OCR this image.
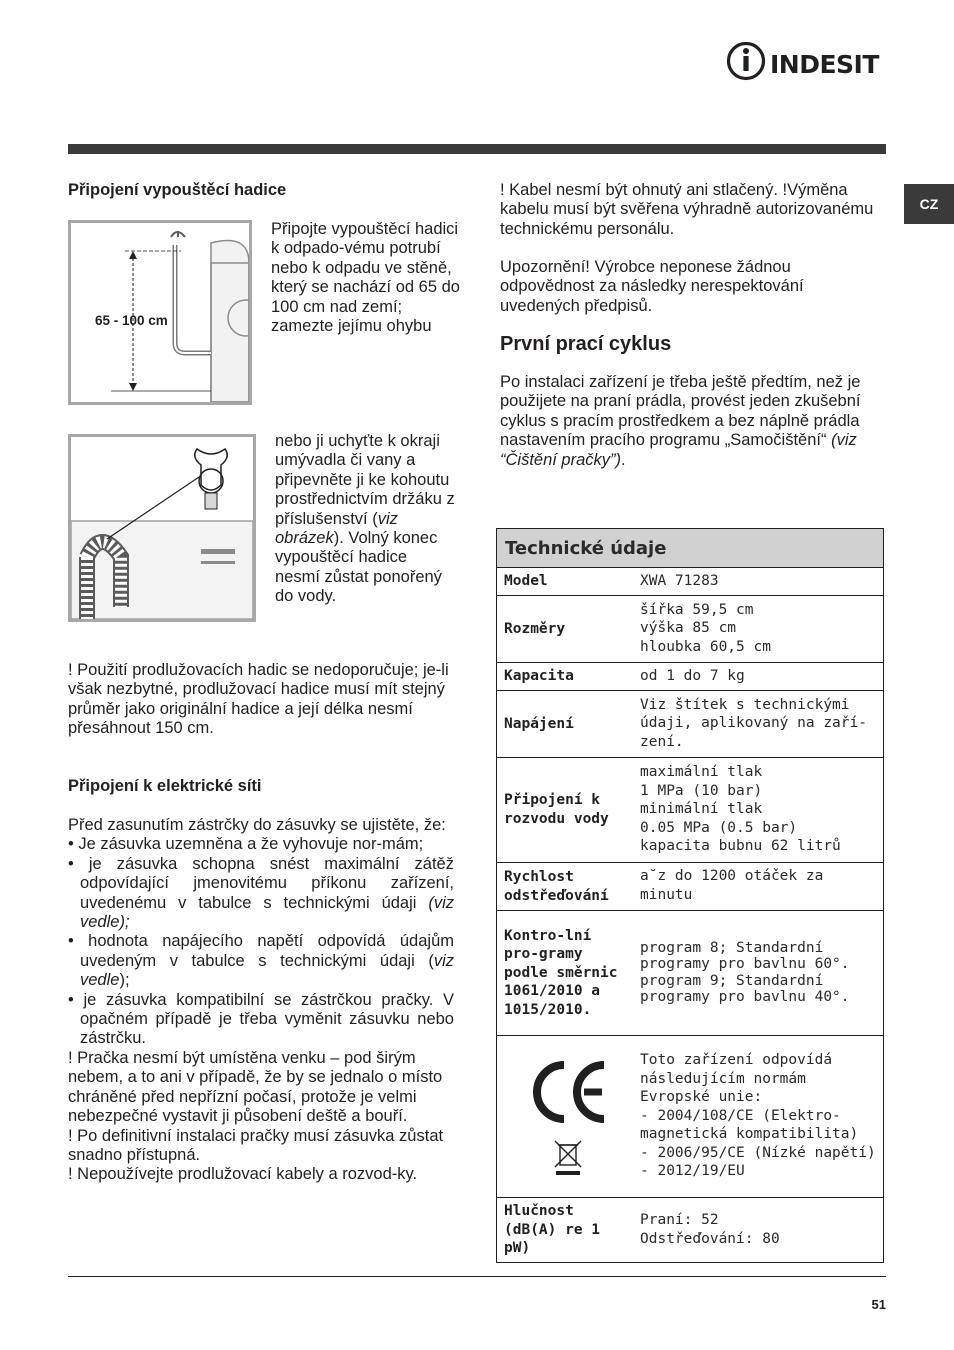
INDESIT
CZ
Připojení vypouštěcí hadice
65 - 100 cm
Připojte vypouštěcí hadici k odpado-vému potrubí nebo k odpadu ve stěně, který se nachází od 65 do 100 cm nad zemí; zamezte jejímu ohybu
nebo ji uchyťte k okraji umývadla či vany a připevněte ji ke kohoutu prostřednictvím držáku z příslušenství (viz obrázek). Volný konec vypouštěcí hadice nesmí zůstat ponořený do vody.
! Použití prodlužovacích hadic se nedoporučuje; je-li však nezbytné, prodlužovací hadice musí mít stejný průměr jako originální hadice a její délka nesmí přesáhnout 150 cm.
Připojení k elektrické síti
Před zasunutím zástrčky do zásuvky se ujistěte, že:
• Je zásuvka uzemněna a že vyhovuje nor-mám;
• je zásuvka schopna snést maximální zátěž odpovídající jmenovitému příkonu zařízení, uvedenému v tabulce s technickými údaji (viz vedle);
• hodnota napájecího napětí odpovídá údajům uvedeným v tabulce s technickými údaji (viz vedle);
• je zásuvka kompatibilní se zástrčkou pračky. V opačném případě je třeba vyměnit zásuvku nebo zástrčku.
! Pračka nesmí být umístěna venku – pod širým nebem, a to ani v případě, že by se jednalo o místo chráněné před nepřízní počasí, protože je velmi nebezpečné vystavit ji působení deště a bouří.
! Po definitivní instalaci pračky musí zásuvka zůstat snadno přístupná.
! Nepoužívejte prodlužovací kabely a rozvod-ky.
! Kabel nesmí být ohnutý ani stlačený. !Výměna kabelu musí být svěřena výhradně autorizovanému technickému personálu.
Upozornění! Výrobce neponese žádnou odpovědnost za následky nerespektování uvedených předpisů.
První prací cyklus
Po instalaci zařízení je třeba ještě předtím, než je použijete na praní prádla, provést jeden zkušební cyklus s pracím prostředkem a bez náplně prádla nastavením pracího programu „Samočištění“ (viz “Čištění pračky”).
Technické údaje
Model	XWA 71283
Rozměry
šířka 59,5 cm
výška 85 cm
hloubka 60,5 cm
Kapacita	od 1 do 7 kg
Napájení
Viz štítek s technickými údaji, aplikovaný na zaří-zení.
Připojení k rozvodu vody
maximální tlak
1 MPa (10 bar)
minimální tlak
0.05 MPa (0.5 bar)
kapacita bubnu 62 litrů
Rychlost odstřeďování
a˘z do 1200 otáček za minutu
Kontro-lní pro-gramy podle směrnic 1061/2010 a 1015/2010.
program 8; Standardní programy pro bavlnu 60°. program 9; Standardní programy pro bavlnu 40°.
Toto zařízení odpovídá následujícím normám Evropské unie:
- 2004/108/CE (Elektro-magnetická kompatibilita)
- 2006/95/CE (Nízké napětí)
- 2012/19/EU
Hlučnost (dB(A) re 1 pW)
Praní: 52
Odstřeďování: 80
51
